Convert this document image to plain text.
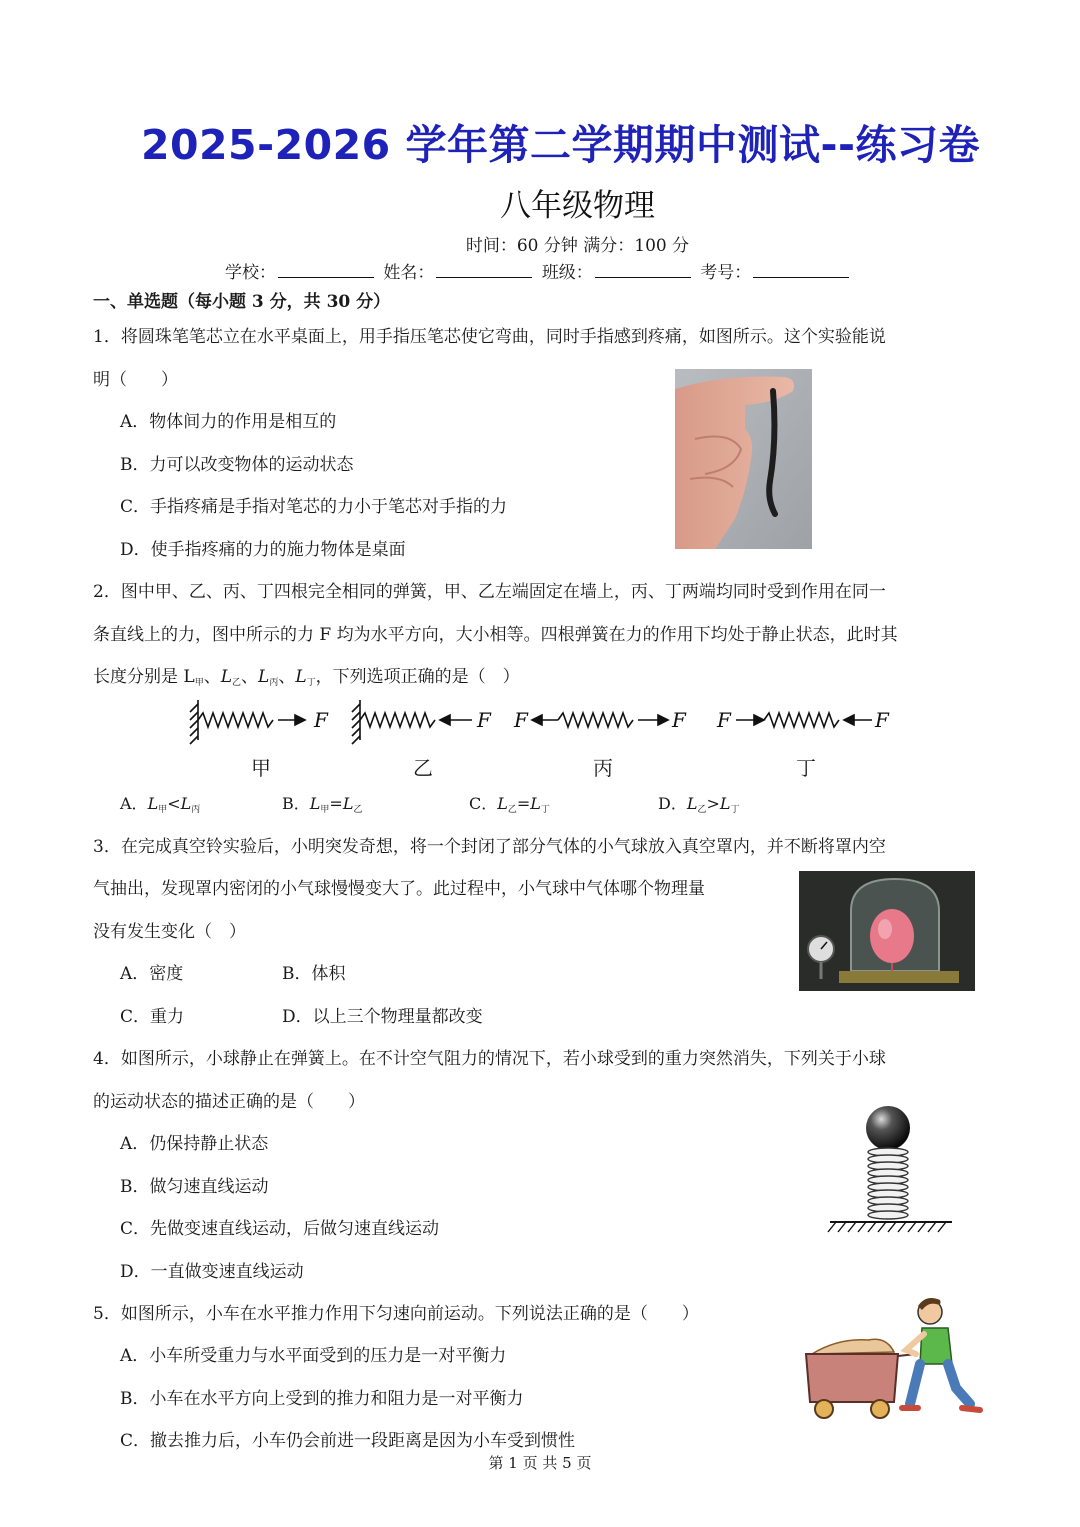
2025-2026 学年第二学期期中测试--练习卷
八年级物理
时间：60 分钟 满分：100 分
学校：	姓名：	班级：	考号：
一、单选题（每小题 3 分，共 30 分）
1．将圆珠笔笔芯立在水平桌面上，用手指压笔芯使它弯曲，同时手指感到疼痛，如图所示。这个实验能说
明（　　）
A．物体间力的作用是相互的
B．力可以改变物体的运动状态
C．手指疼痛是手指对笔芯的力小于笔芯对手指的力
D．使手指疼痛的力的施力物体是桌面
2．图中甲、乙、丙、丁四根完全相同的弹簧，甲、乙左端固定在墙上，丙、丁两端均同时受到作用在同一
条直线上的力，图中所示的力 F 均为水平方向，大小相等。四根弹簧在力的作用下均处于静止状态，此时其
长度分别是 $L_甲$、$L_乙$、$L_丙$、$L_丁$，下列选项正确的是（　）
F	F F	F F	F
甲	乙	丙	丁
A．$L_甲<L_丙$	B．$L_甲=L_乙$	C．$L_乙=L_丁$	D．$L_乙>L_丁$
3．在完成真空铃实验后，小明突发奇想，将一个封闭了部分气体的小气球放入真空罩内，并不断将罩内空
气抽出，发现罩内密闭的小气球慢慢变大了。此过程中，小气球中气体哪个物理量
没有发生变化（　）
A．密度	B．体积
C．重力	D．以上三个物理量都改变
4．如图所示，小球静止在弹簧上。在不计空气阻力的情况下，若小球受到的重力突然消失，下列关于小球
的运动状态的描述正确的是（　　）
A．仍保持静止状态
B．做匀速直线运动
C．先做变速直线运动，后做匀速直线运动
D．一直做变速直线运动
5．如图所示，小车在水平推力作用下匀速向前运动。下列说法正确的是（　　）
A．小车所受重力与水平面受到的压力是一对平衡力
B．小车在水平方向上受到的推力和阻力是一对平衡力
C．撤去推力后，小车仍会前进一段距离是因为小车受到惯性
第 1 页 共 5 页
